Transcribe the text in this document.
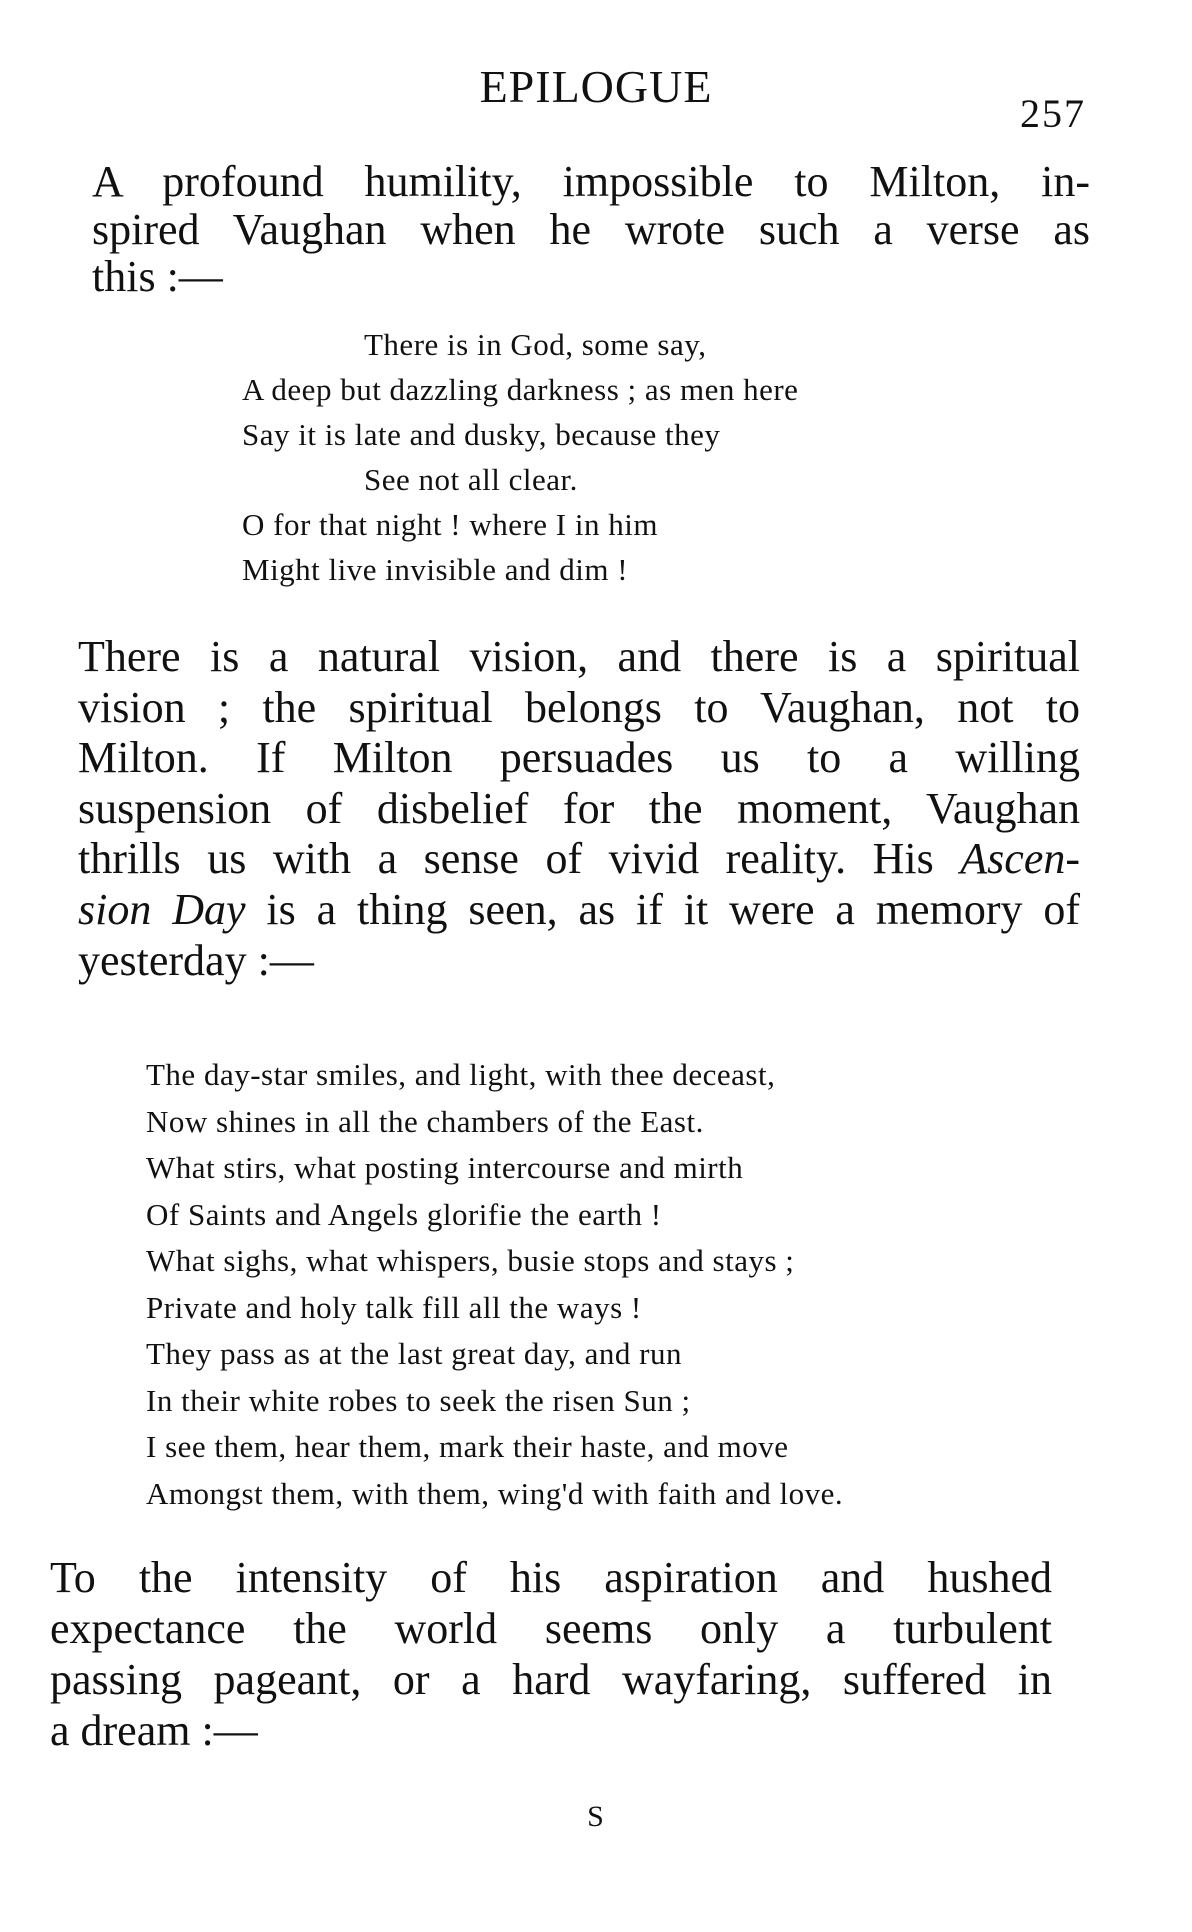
EPILOGUE
257
A profound humility, impossible to Milton, in-
spired Vaughan when he wrote such a verse as
this :—
There is in God, some say,
A deep but dazzling darkness ; as men here
Say it is late and dusky, because they
See not all clear.
O for that night ! where I in him
Might live invisible and dim !
There is a natural vision, and there is a spiritual
vision ; the spiritual belongs to Vaughan, not to
Milton. If Milton persuades us to a willing
suspension of disbelief for the moment, Vaughan
thrills us with a sense of vivid reality. His Ascen-
sion Day is a thing seen, as if it were a memory of
yesterday :—
The day-star smiles, and light, with thee deceast,
Now shines in all the chambers of the East.
What stirs, what posting intercourse and mirth
Of Saints and Angels glorifie the earth !
What sighs, what whispers, busie stops and stays ;
Private and holy talk fill all the ways !
They pass as at the last great day, and run
In their white robes to seek the risen Sun ;
I see them, hear them, mark their haste, and move
Amongst them, with them, wing'd with faith and love.
To the intensity of his aspiration and hushed
expectance the world seems only a turbulent
passing pageant, or a hard wayfaring, suffered in
a dream :—
S
